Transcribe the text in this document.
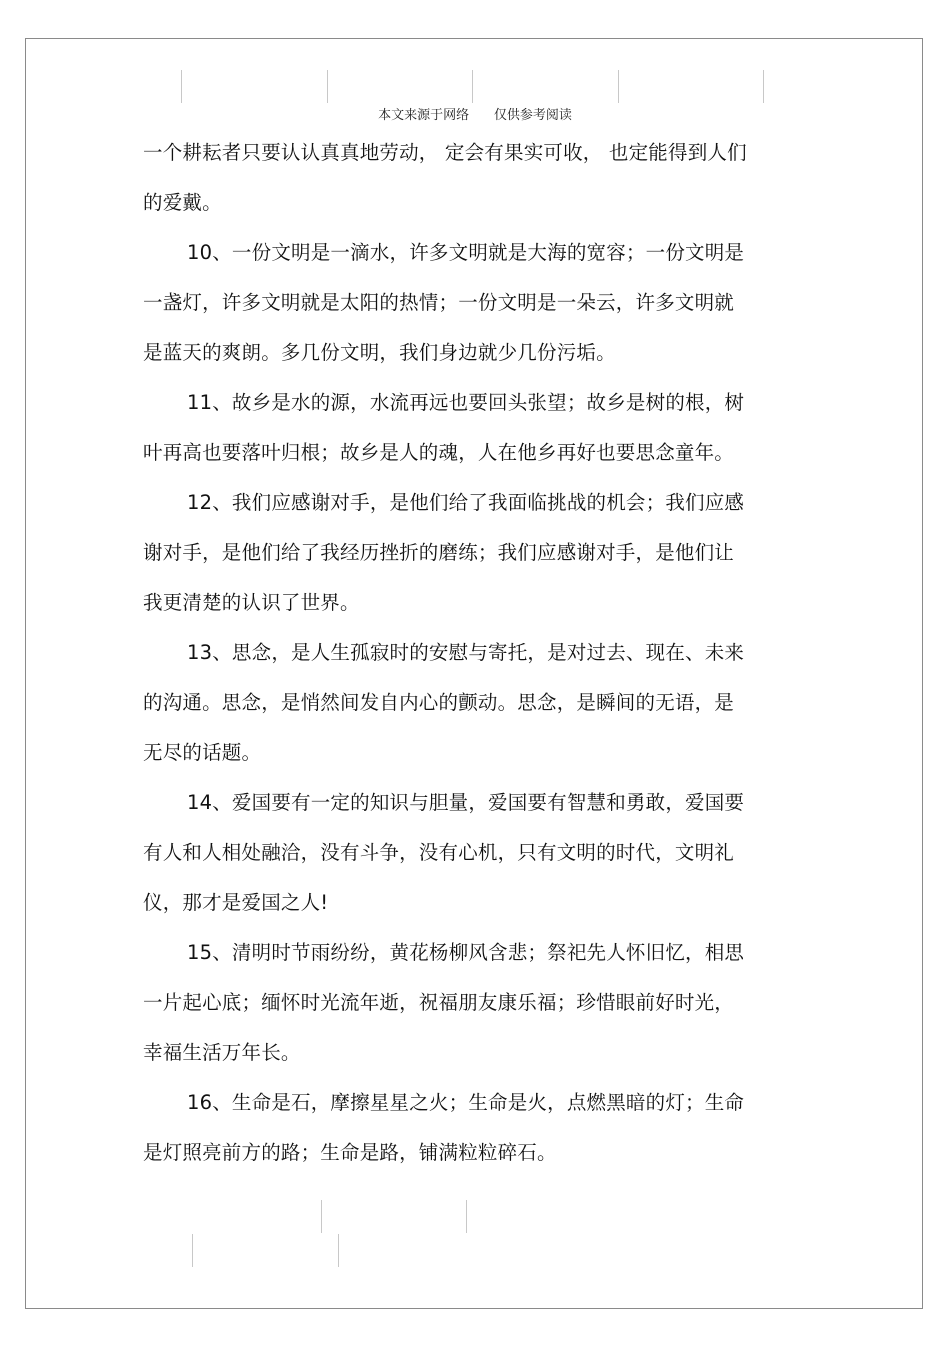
本文来源于网络      仅供参考阅读
一个耕耘者只要认认真真地劳动， 定会有果实可收， 也定能得到人们
的爱戴。
10、一份文明是一滴水，许多文明就是大海的宽容；一份文明是
一盏灯，许多文明就是太阳的热情；一份文明是一朵云，许多文明就
是蓝天的爽朗。多几份文明，我们身边就少几份污垢。
11、故乡是水的源，水流再远也要回头张望；故乡是树的根，树
叶再高也要落叶归根；故乡是人的魂，人在他乡再好也要思念童年。
12、我们应感谢对手，是他们给了我面临挑战的机会；我们应感
谢对手，是他们给了我经历挫折的磨练；我们应感谢对手，是他们让
我更清楚的认识了世界。
13、思念，是人生孤寂时的安慰与寄托，是对过去、现在、未来
的沟通。思念，是悄然间发自内心的颤动。思念，是瞬间的无语，是
无尽的话题。
14、爱国要有一定的知识与胆量，爱国要有智慧和勇敢，爱国要
有人和人相处融洽，没有斗争，没有心机，只有文明的时代，文明礼
仪，那才是爱国之人!
15、清明时节雨纷纷，黄花杨柳风含悲；祭祀先人怀旧忆，相思
一片起心底；缅怀时光流年逝，祝福朋友康乐福；珍惜眼前好时光，
幸福生活万年长。
16、生命是石，摩擦星星之火；生命是火，点燃黑暗的灯；生命
是灯照亮前方的路；生命是路，铺满粒粒碎石。
